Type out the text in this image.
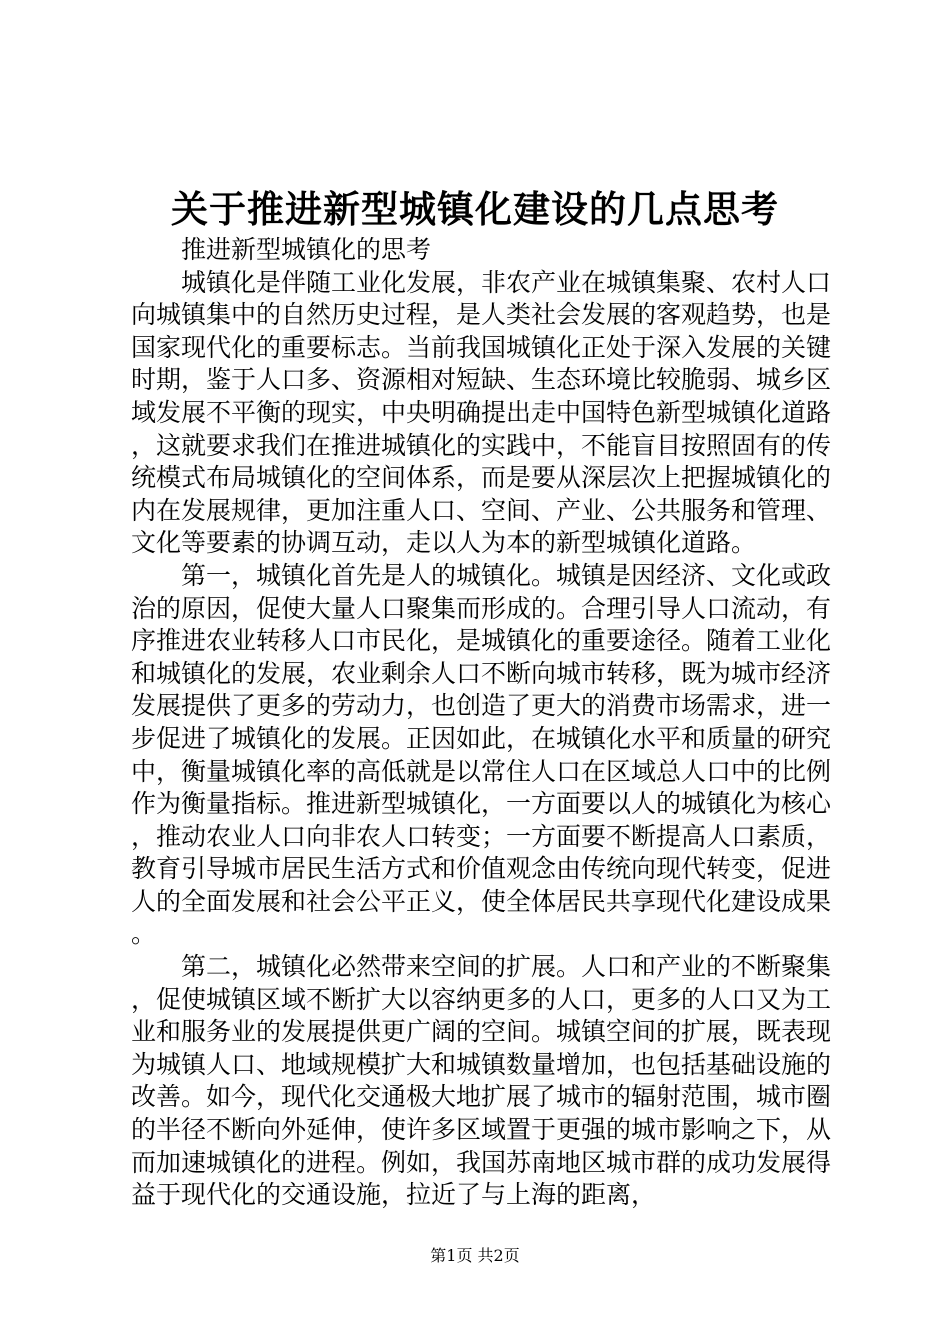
关于推进新型城镇化建设的几点思考

推进新型城镇化的思考

城镇化是伴随工业化发展，非农产业在城镇集聚、农村人口向城镇集中的自然历史过程，是人类社会发展的客观趋势，也是国家现代化的重要标志。当前我国城镇化正处于深入发展的关键时期，鉴于人口多、资源相对短缺、生态环境比较脆弱、城乡区域发展不平衡的现实，中央明确提出走中国特色新型城镇化道路，这就要求我们在推进城镇化的实践中，不能盲目按照固有的传统模式布局城镇化的空间体系，而是要从深层次上把握城镇化的内在发展规律，更加注重人口、空间、产业、公共服务和管理、文化等要素的协调互动，走以人为本的新型城镇化道路。

第一，城镇化首先是人的城镇化。城镇是因经济、文化或政治的原因，促使大量人口聚集而形成的。合理引导人口流动，有序推进农业转移人口市民化，是城镇化的重要途径。随着工业化和城镇化的发展，农业剩余人口不断向城市转移，既为城市经济发展提供了更多的劳动力，也创造了更大的消费市场需求，进一步促进了城镇化的发展。正因如此，在城镇化水平和质量的研究中，衡量城镇化率的高低就是以常住人口在区域总人口中的比例作为衡量指标。推进新型城镇化，一方面要以人的城镇化为核心，推动农业人口向非农人口转变；一方面要不断提高人口素质，教育引导城市居民生活方式和价值观念由传统向现代转变，促进人的全面发展和社会公平正义，使全体居民共享现代化建设成果。

第二，城镇化必然带来空间的扩展。人口和产业的不断聚集，促使城镇区域不断扩大以容纳更多的人口，更多的人口又为工业和服务业的发展提供更广阔的空间。城镇空间的扩展，既表现为城镇人口、地域规模扩大和城镇数量增加，也包括基础设施的改善。如今，现代化交通极大地扩展了城市的辐射范围，城市圈的半径不断向外延伸，使许多区域置于更强的城市影响之下，从而加速城镇化的进程。例如，我国苏南地区城市群的成功发展得益于现代化的交通设施，拉近了与上海的距离，

第1页 共2页
